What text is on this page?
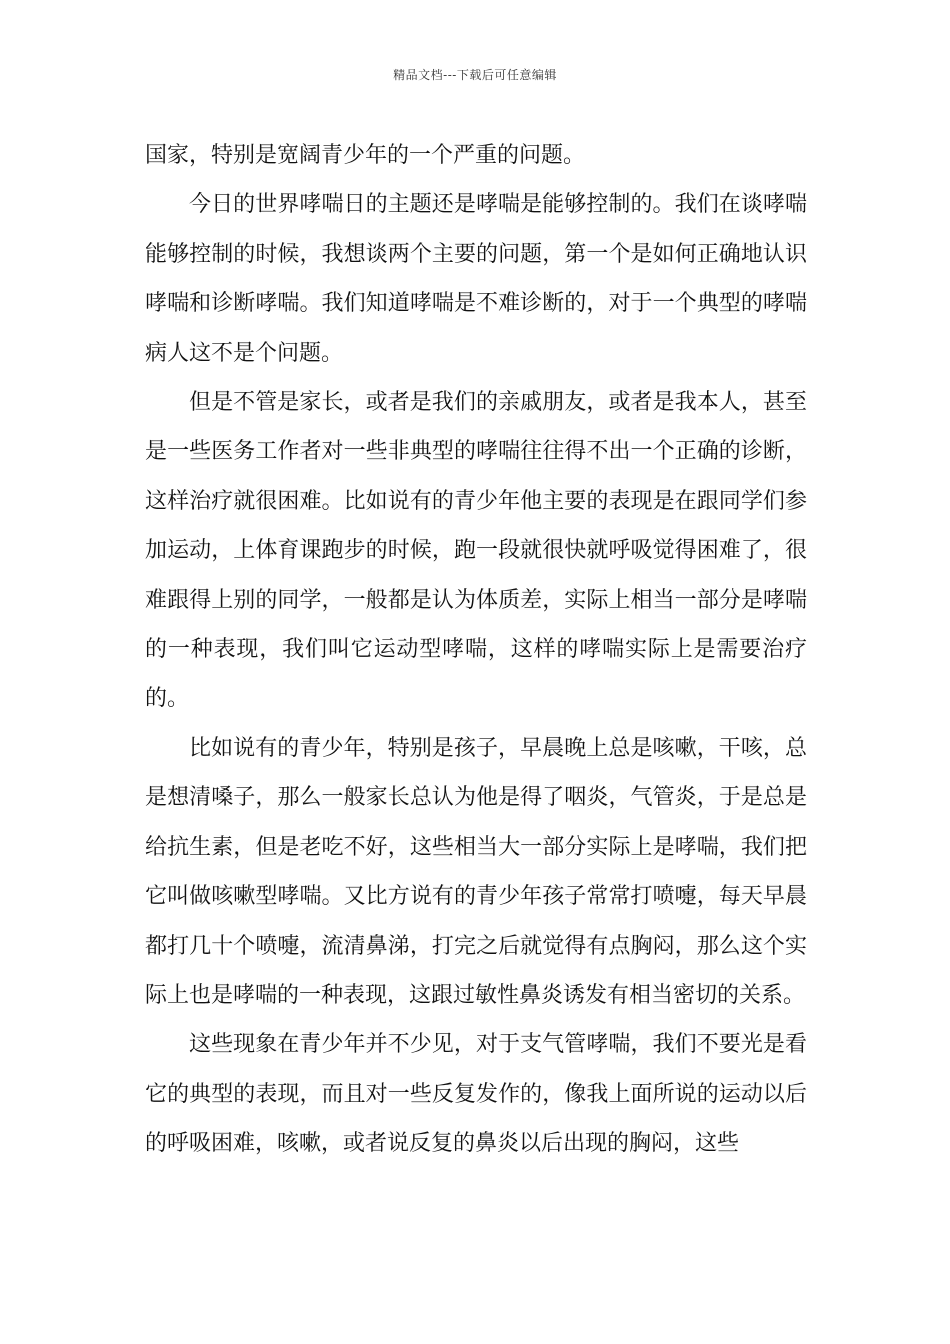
精品文档---下载后可任意编辑

国家，特别是宽阔青少年的一个严重的问题。

今日的世界哮喘日的主题还是哮喘是能够控制的。我们在谈哮喘能够控制的时候，我想谈两个主要的问题，第一个是如何正确地认识哮喘和诊断哮喘。我们知道哮喘是不难诊断的，对于一个典型的哮喘病人这不是个问题。

但是不管是家长，或者是我们的亲戚朋友，或者是我本人，甚至是一些医务工作者对一些非典型的哮喘往往得不出一个正确的诊断，这样治疗就很困难。比如说有的青少年他主要的表现是在跟同学们参加运动，上体育课跑步的时候，跑一段就很快就呼吸觉得困难了，很难跟得上别的同学，一般都是认为体质差，实际上相当一部分是哮喘的一种表现，我们叫它运动型哮喘，这样的哮喘实际上是需要治疗的。

比如说有的青少年，特别是孩子，早晨晚上总是咳嗽，干咳，总是想清嗓子，那么一般家长总认为他是得了咽炎，气管炎，于是总是给抗生素，但是老吃不好，这些相当大一部分实际上是哮喘，我们把它叫做咳嗽型哮喘。又比方说有的青少年孩子常常打喷嚏，每天早晨都打几十个喷嚏，流清鼻涕，打完之后就觉得有点胸闷，那么这个实际上也是哮喘的一种表现，这跟过敏性鼻炎诱发有相当密切的关系。

这些现象在青少年并不少见，对于支气管哮喘，我们不要光是看它的典型的表现，而且对一些反复发作的，像我上面所说的运动以后的呼吸困难，咳嗽，或者说反复的鼻炎以后出现的胸闷，这些
